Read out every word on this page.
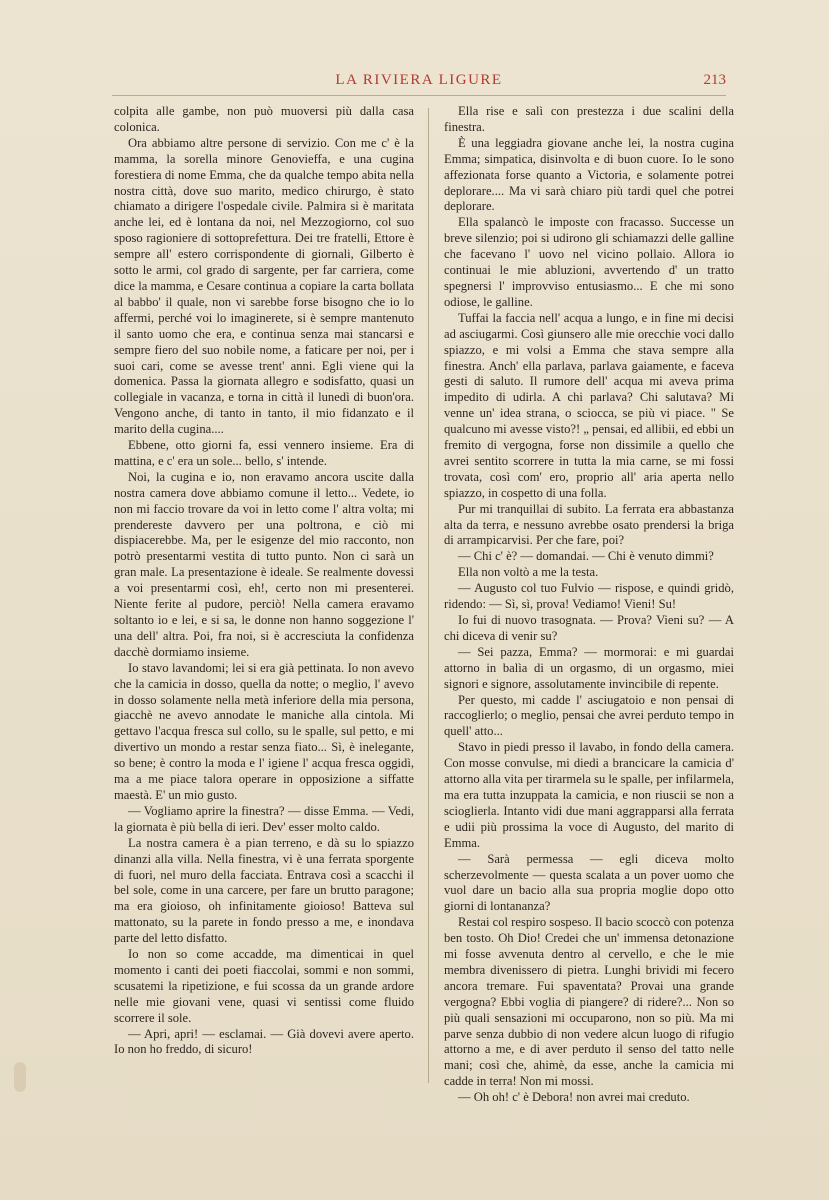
LA RIVIERA LIGURE	213

colpita alle gambe, non può muoversi più dalla casa colonica.

Ora abbiamo altre persone di servizio. Con me c' è la mamma, la sorella minore Genovieffa, e una cugina forestiera di nome Emma, che da qualche tempo abita nella nostra città, dove suo marito, medico chirurgo, è stato chiamato a dirigere l'ospedale civile. Palmira si è maritata anche lei, ed è lontana da noi, nel Mezzogiorno, col suo sposo ragioniere di sottoprefettura. Dei tre fratelli, Ettore è sempre all' estero corrispondente di giornali, Gilberto è sotto le armi, col grado di sargente, per far carriera, come dice la mamma, e Cesare continua a copiare la carta bollata al babbo' il quale, non vi sarebbe forse bisogno che io lo affermi, perché voi lo imaginerete, si è sempre mantenuto il santo uomo che era, e continua senza mai stancarsi e sempre fiero del suo nobile nome, a faticare per noi, per i suoi cari, come se avesse trent' anni. Egli viene qui la domenica. Passa la giornata allegro e sodisfatto, quasi un collegiale in vacanza, e torna in città il lunedì di buon'ora. Vengono anche, di tanto in tanto, il mio fidanzato e il marito della cugina....

Ebbene, otto giorni fa, essi vennero insieme. Era di mattina, e c' era un sole... bello, s' intende.

Noi, la cugina e io, non eravamo ancora uscite dalla nostra camera dove abbiamo comune il letto... Vedete, io non mi faccio trovare da voi in letto come l' altra volta; mi prendereste davvero per una poltrona, e ciò mi dispiacerebbe. Ma, per le esigenze del mio racconto, non potrò presentarmi vestita di tutto punto. Non ci sarà un gran male. La presentazione è ideale. Se realmente dovessi a voi presentarmi così, eh!, certo non mi presenterei. Niente ferite al pudore, perciò! Nella camera eravamo soltanto io e lei, e si sa, le donne non hanno soggezione l' una dell' altra. Poi, fra noi, si è accresciuta la confidenza dacchè dormiamo insieme.

Io stavo lavandomi; lei si era già pettinata. Io non avevo che la camicia in dosso, quella da notte; o meglio, l' avevo in dosso solamente nella metà inferiore della mia persona, giacchè ne avevo annodate le maniche alla cintola. Mi gettavo l'acqua fresca sul collo, su le spalle, sul petto, e mi divertivo un mondo a restar senza fiato... Sì, è inelegante, so bene; è contro la moda e l' igiene l' acqua fresca oggidì, ma a me piace talora operare in opposizione a siffatte maestà. E' un mio gusto.

— Vogliamo aprire la finestra? — disse Emma. — Vedi, la giornata è più bella di ieri. Dev' esser molto caldo.

La nostra camera è a pian terreno, e dà su lo spiazzo dinanzi alla villa. Nella finestra, vi è una ferrata sporgente di fuori, nel muro della facciata. Entrava così a scacchi il bel sole, come in una carcere, per fare un brutto paragone; ma era gioioso, oh infinitamente gioioso! Batteva sul mattonato, su la parete in fondo presso a me, e inondava parte del letto disfatto.

Io non so come accadde, ma dimenticai in quel momento i canti dei poeti fiaccolai, sommi e non sommi, scusatemi la ripetizione, e fui scossa da un grande ardore nelle mie giovani vene, quasi vi sentissi come fluido scorrere il sole.

— Apri, apri! — esclamai. — Già dovevi avere aperto. Io non ho freddo, di sicuro!

Ella rise e salì con prestezza i due scalini della finestra.

È una leggiadra giovane anche lei, la nostra cugina Emma; simpatica, disinvolta e di buon cuore. Io le sono affezionata forse quanto a Victoria, e solamente potrei deplorare.... Ma vi sarà chiaro più tardi quel che potrei deplorare.

Ella spalancò le imposte con fracasso. Successe un breve silenzio; poi si udirono gli schiamazzi delle galline che facevano l' uovo nel vicino pollaio. Allora io continuai le mie abluzioni, avvertendo d' un tratto spegnersi l' improvviso entusiasmo... E che mi sono odiose, le galline.

Tuffai la faccia nell' acqua a lungo, e in fine mi decisi ad asciugarmi. Così giunsero alle mie orecchie voci dallo spiazzo, e mi volsi a Emma che stava sempre alla finestra. Anch' ella parlava, parlava gaiamente, e faceva gesti di saluto. Il rumore dell' acqua mi aveva prima impedito di udirla. A chi parlava? Chi salutava? Mi venne un' idea strana, o sciocca, se più vi piace. " Se qualcuno mi avesse visto?! „ pensai, ed allibii, ed ebbi un fremito di vergogna, forse non dissimile a quello che avrei sentito scorrere in tutta la mia carne, se mi fossi trovata, così com' ero, proprio all' aria aperta nello spiazzo, in cospetto di una folla.

Pur mi tranquillai di subito. La ferrata era abbastanza alta da terra, e nessuno avrebbe osato prendersi la briga di arrampicarvisi. Per che fare, poi?

— Chi c' è? — domandai. — Chi è venuto dimmi?

Ella non voltò a me la testa.

— Augusto col tuo Fulvio — rispose, e quindi gridò, ridendo: — Sì, sì, prova! Vediamo! Vieni! Su!

Io fui di nuovo trasognata. — Prova? Vieni su? — A chi diceva di venir su?

— Sei pazza, Emma? — mormorai: e mi guardai attorno in balìa di un orgasmo, di un orgasmo, miei signori e signore, assolutamente invincibile di repente.

Per questo, mi cadde l' asciugatoio e non pensai di raccoglierlo; o meglio, pensai che avrei perduto tempo in quell' atto...

Stavo in piedi presso il lavabo, in fondo della camera. Con mosse convulse, mi diedi a brancicare la camicia d' attorno alla vita per tirarmela su le spalle, per infilarmela, ma era tutta inzuppata la camicia, e non riuscii se non a scioglierla. Intanto vidi due mani aggrapparsi alla ferrata e udii più prossima la voce di Augusto, del marito di Emma.

— Sarà permessa — egli diceva molto scherzevolmente — questa scalata a un pover uomo che vuol dare un bacio alla sua propria moglie dopo otto giorni di lontananza?

Restai col respiro sospeso. Il bacio scoccò con potenza ben tosto. Oh Dio! Credei che un' immensa detonazione mi fosse avvenuta dentro al cervello, e che le mie membra divenissero di pietra. Lunghi brividi mi fecero ancora tremare. Fui spaventata? Provai una grande vergogna? Ebbi voglia di piangere? di ridere?... Non so più quali sensazioni mi occuparono, non so più. Ma mi parve senza dubbio di non vedere alcun luogo di rifugio attorno a me, e di aver perduto il senso del tatto nelle mani; così che, ahimè, da esse, anche la camicia mi cadde in terra! Non mi mossi.

— Oh oh! c' è Debora! non avrei mai creduto.
